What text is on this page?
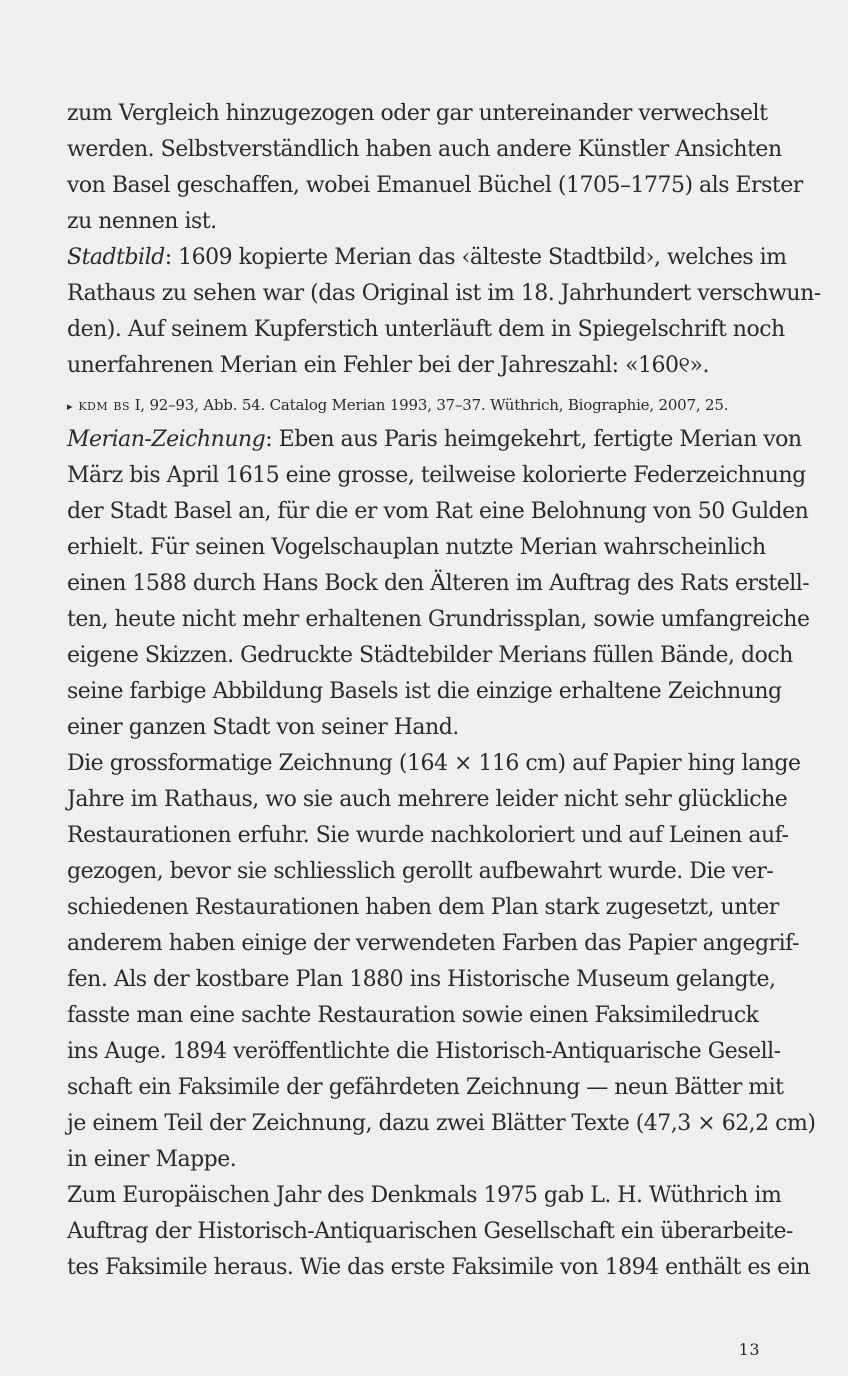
zum Vergleich hinzugezogen oder gar untereinander verwechselt
werden. Selbstverständlich haben auch andere Künstler Ansichten
von Basel geschaffen, wobei Emanuel Büchel (1705–1775) als Erster
zu nennen ist.
Stadtbild: 1609 kopierte Merian das ‹älteste Stadtbild›, welches im
Rathaus zu sehen war (das Original ist im 18. Jahrhundert verschwun-
den). Auf seinem Kupferstich unterläuft dem in Spiegelschrift noch
unerfahrenen Merian ein Fehler bei der Jahreszahl: «160୧».
▸ kdm bs I, 92–93, Abb. 54. Catalog Merian 1993, 37–37. Wüthrich, Biographie, 2007, 25.
Merian-Zeichnung: Eben aus Paris heimgekehrt, fertigte Merian von
März bis April 1615 eine grosse, teilweise kolorierte Federzeichnung
der Stadt Basel an, für die er vom Rat eine Belohnung von 50 Gulden
erhielt. Für seinen Vogelschauplan nutzte Merian wahrscheinlich
einen 1588 durch Hans Bock den Älteren im Auftrag des Rats erstell-
ten, heute nicht mehr erhaltenen Grundrissplan, sowie umfangreiche
eigene Skizzen. Gedruckte Städtebilder Merians füllen Bände, doch
seine farbige Abbildung Basels ist die einzige erhaltene Zeichnung
einer ganzen Stadt von seiner Hand.
Die grossformatige Zeichnung (164 × 116 cm) auf Papier hing lange
Jahre im Rathaus, wo sie auch mehrere leider nicht sehr glückliche
Restaurationen erfuhr. Sie wurde nachkoloriert und auf Leinen auf-
gezogen, bevor sie schliesslich gerollt aufbewahrt wurde. Die ver-
schiedenen Restaurationen haben dem Plan stark zugesetzt, unter
anderem haben einige der verwendeten Farben das Papier angegrif-
fen. Als der kostbare Plan 1880 ins Historische Museum gelangte,
fasste man eine sachte Restauration sowie einen Faksimiledruck
ins Auge. 1894 veröffentlichte die Historisch-Antiquarische Gesell-
schaft ein Faksimile der gefährdeten Zeichnung — neun Bätter mit
je einem Teil der Zeichnung, dazu zwei Blätter Texte (47,3 × 62,2 cm)
in einer Mappe.
Zum Europäischen Jahr des Denkmals 1975 gab L. H. Wüthrich im
Auftrag der Historisch-Antiquarischen Gesellschaft ein überarbeite-
tes Faksimile heraus. Wie das erste Faksimile von 1894 enthält es ein
13
